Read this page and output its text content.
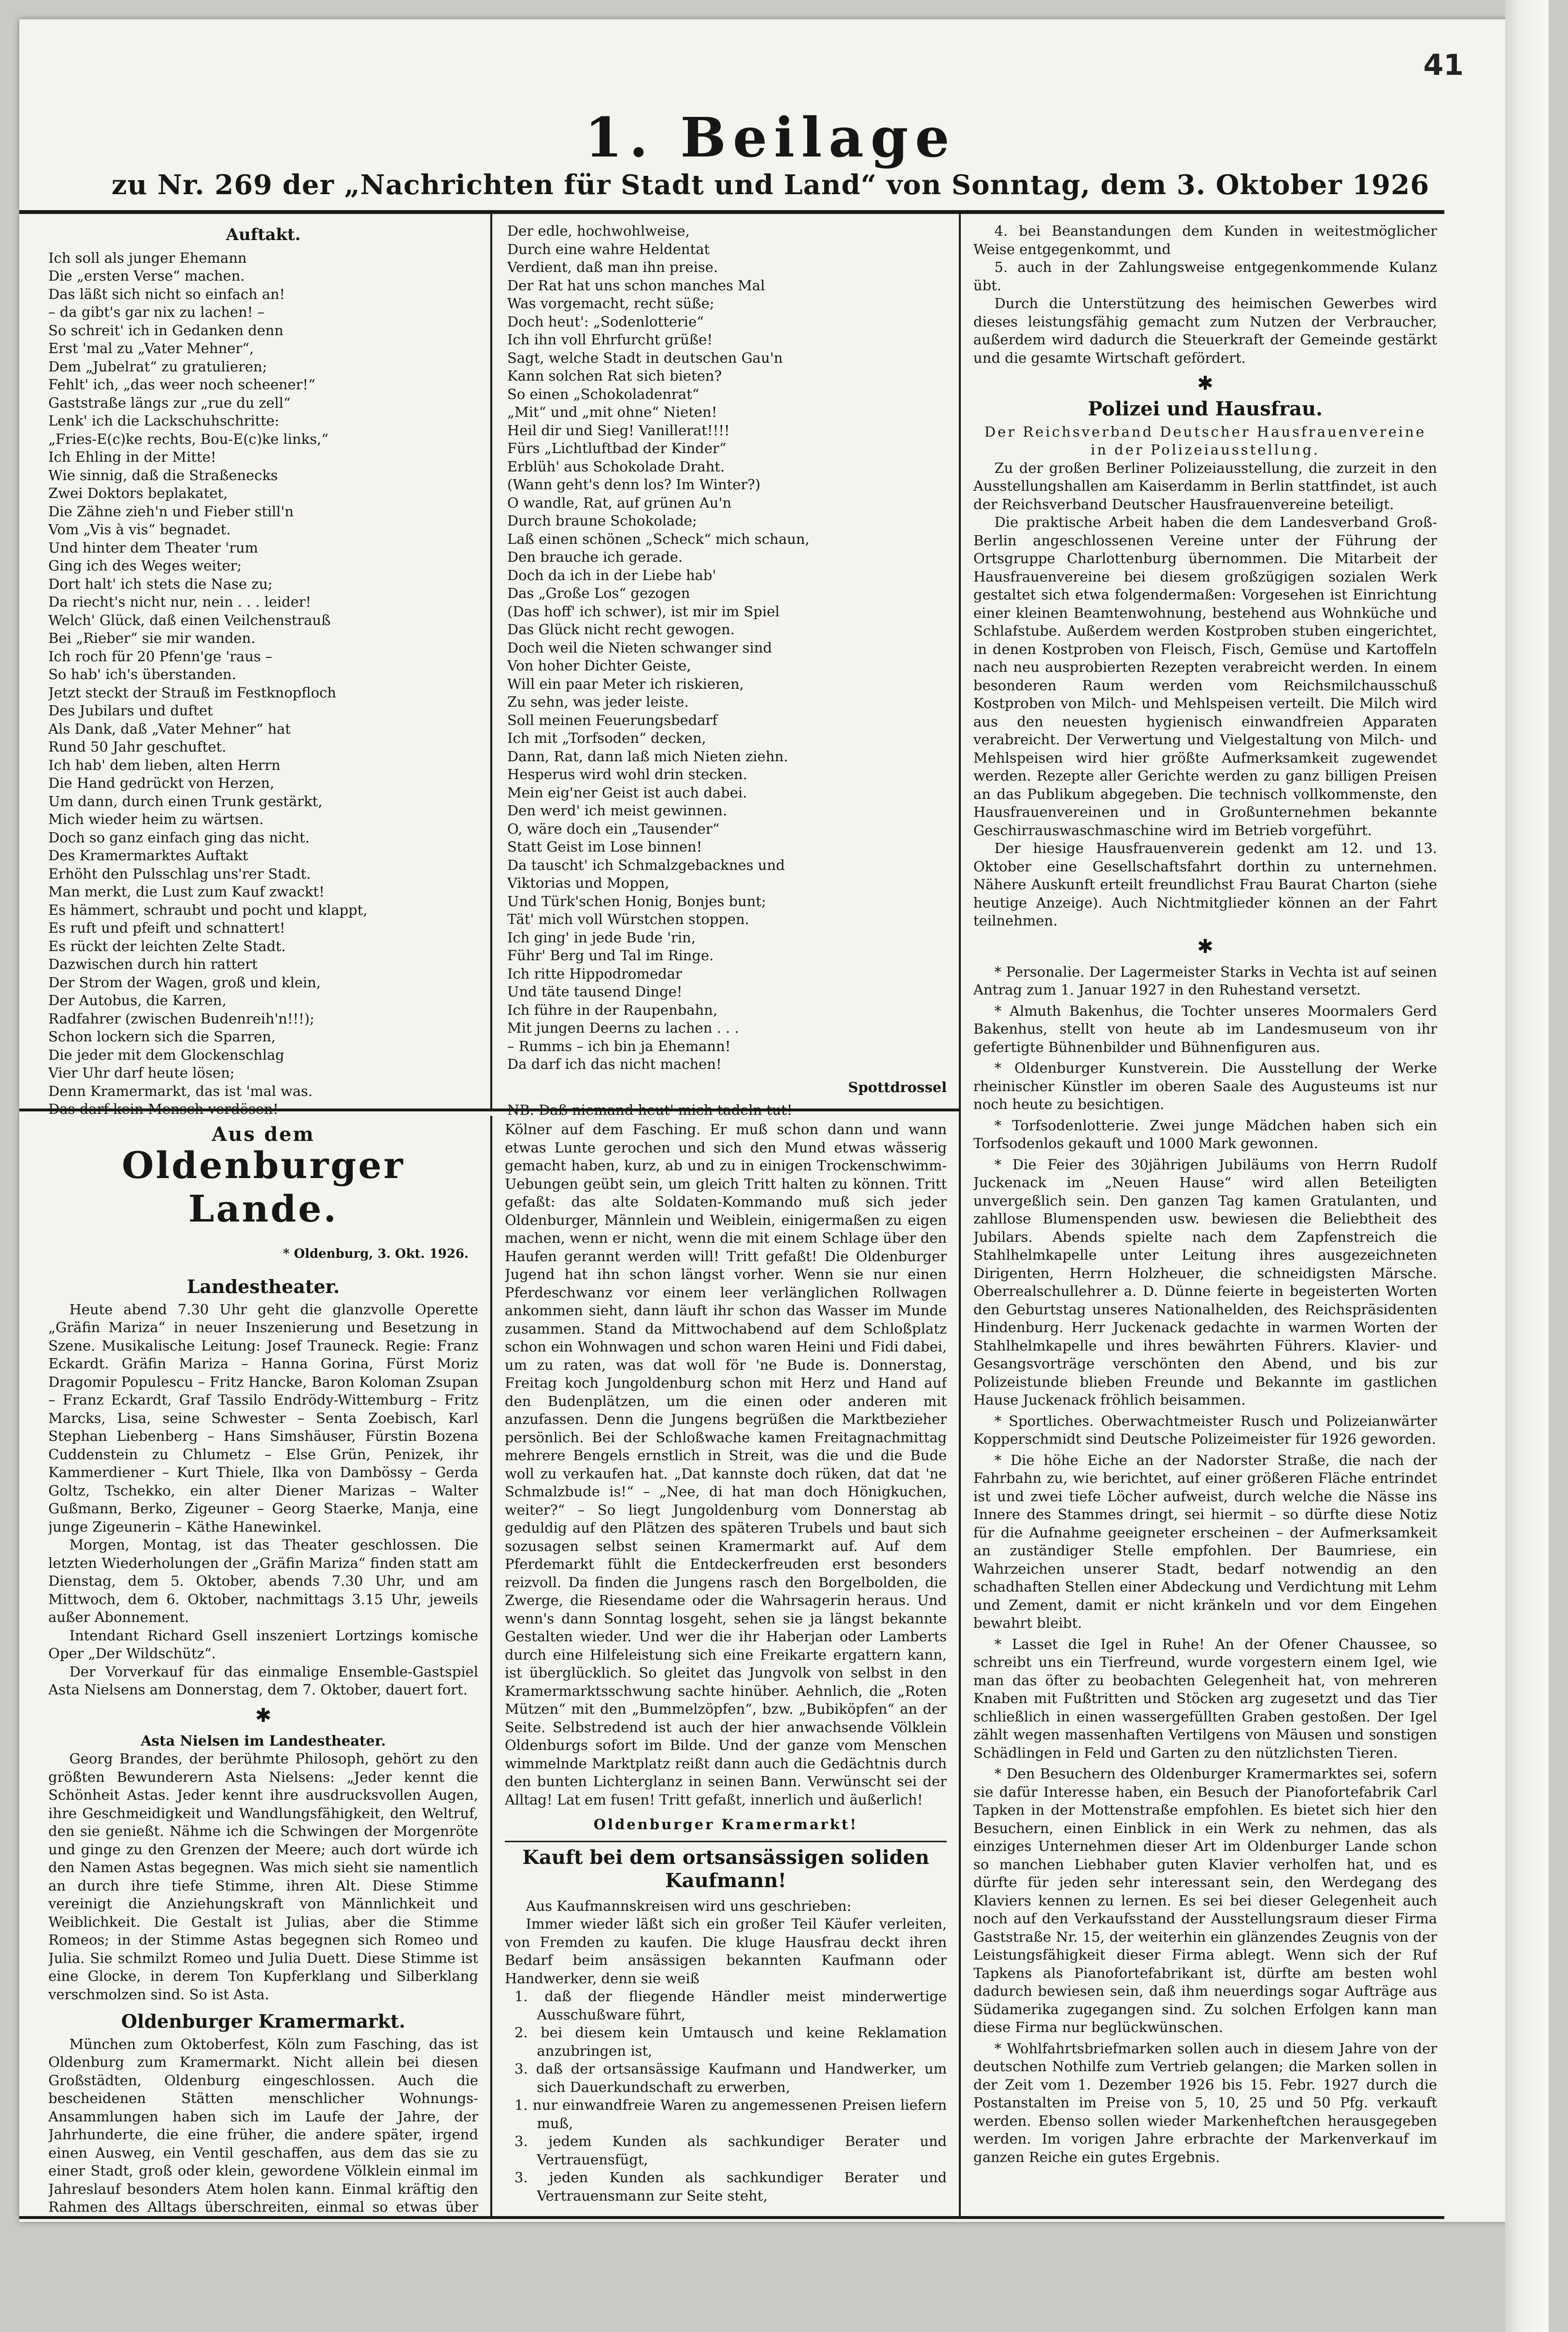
41
1. Beilage
zu Nr. 269 der „Nachrichten für Stadt und Land“ von Sonntag, dem 3. Oktober 1926
Auftakt.

Ich soll als junger Ehemann

Die „ersten Verse“ machen.

Das läßt sich nicht so einfach an!

– da gibt's gar nix zu lachen! –

So schreit' ich in Gedanken denn

Erst 'mal zu „Vater Mehner“,

Dem „Jubelrat“ zu gratulieren;

Fehlt' ich, „das weer noch scheener!“

Gaststraße längs zur „rue du zell“

Lenk' ich die Lackschuhschritte:

„Fries-E(c)ke rechts, Bou-E(c)ke links,“

Ich Ehling in der Mitte!

Wie sinnig, daß die Straßenecks

Zwei Doktors beplakatet,

Die Zähne zieh'n und Fieber still'n

Vom „Vis à vis“ begnadet.

Und hinter dem Theater 'rum

Ging ich des Weges weiter;

Dort halt' ich stets die Nase zu;

Da riecht's nicht nur, nein . . . leider!

Welch' Glück, daß einen Veilchenstrauß

Bei „Rieber“ sie mir wanden.

Ich roch für 20 Pfenn'ge 'raus –

So hab' ich's überstanden.

Jetzt steckt der Strauß im Festknopfloch

Des Jubilars und duftet

Als Dank, daß „Vater Mehner“ hat

Rund 50 Jahr geschuftet.

Ich hab' dem lieben, alten Herrn

Die Hand gedrückt von Herzen,

Um dann, durch einen Trunk gestärkt,

Mich wieder heim zu wärtsen.

Doch so ganz einfach ging das nicht.

Des Kramermarktes Auftakt

Erhöht den Pulsschlag uns'rer Stadt.

Man merkt, die Lust zum Kauf zwackt!

Es hämmert, schraubt und pocht und klappt,

Es ruft und pfeift und schnattert!

Es rückt der leichten Zelte Stadt.

Dazwischen durch hin rattert

Der Strom der Wagen, groß und klein,

Der Autobus, die Karren,

Radfahrer (zwischen Budenreih'n!!!);

Schon lockern sich die Sparren,

Die jeder mit dem Glockenschlag

Vier Uhr darf heute lösen;

Denn Kramermarkt, das ist 'mal was.

Der edle, hochwohlweise,

Durch eine wahre Heldentat

Verdient, daß man ihn preise.

Der Rat hat uns schon manches Mal

Was vorgemacht, recht süße;

Doch heut': „Sodenlotterie“

Ich ihn voll Ehrfurcht grüße!

Sagt, welche Stadt in deutschen Gau'n

Kann solchen Rat sich bieten?

So einen „Schokoladenrat“

„Mit“ und „mit ohne“ Nieten!

Heil dir und Sieg! Vanillerat!!!!

Fürs „Lichtluftbad der Kinder“

Erblüh' aus Schokolade Draht.

(Wann geht's denn los? Im Winter?)

O wandle, Rat, auf grünen Au'n

Durch braune Schokolade;

Laß einen schönen „Scheck“ mich schaun,

Den brauche ich gerade.

Doch da ich in der Liebe hab'

Das „Große Los“ gezogen

(Das hoff' ich schwer), ist mir im Spiel

Das Glück nicht recht gewogen.

Doch weil die Nieten schwanger sind

Von hoher Dichter Geiste,

Will ein paar Meter ich riskieren,

Zu sehn, was jeder leiste.

Soll meinen Feuerungsbedarf

Ich mit „Torfsoden“ decken,

Dann, Rat, dann laß mich Nieten ziehn.

Hesperus wird wohl drin stecken.

Mein eig'ner Geist ist auch dabei.

Den werd' ich meist gewinnen.

O, wäre doch ein „Tausender“

Statt Geist im Lose binnen!

Da tauscht' ich Schmalzgebacknes und

Viktorias und Moppen,

Und Türk'schen Honig, Bonjes bunt;

Tät' mich voll Würstchen stoppen.

Ich ging' in jede Bude 'rin,

Führ' Berg und Tal im Ringe.

Ich ritte Hippodromedar

Und täte tausend Dinge!

Ich führe in der Raupenbahn,

Mit jungen Deerns zu lachen . . .

– Rumms – ich bin ja Ehemann!

Da darf ich das nicht machen!

Spottdrossel

Aus dem
Oldenburger Lande.
* Oldenburg, 3. Okt. 1926.
Landestheater.

Heute abend 7.30 Uhr geht die glanzvolle Operette „Gräfin Mariza“ in neuer Inszenierung und Besetzung in Szene. Musikalische Leitung: Josef Trauneck. Regie: Franz Eckardt. Gräfin Mariza – Hanna Gorina, Fürst Moriz Dragomir Populescu – Fritz Hancke, Baron Koloman Zsupan – Franz Eckardt, Graf Tassilo Endrödy-Wittemburg – Fritz Marcks, Lisa, seine Schwester – Senta Zoebisch, Karl Stephan Liebenberg – Hans Simshäuser, Fürstin Bozena Cuddenstein zu Chlumetz – Else Grün, Penizek, ihr Kammerdiener – Kurt Thiele, Ilka von Dambössy – Gerda Goltz, Tschekko, ein alter Diener Marizas – Walter Gußmann, Berko, Zigeuner – Georg Staerke, Manja, eine junge Zigeunerin – Käthe Hanewinkel.

Morgen, Montag, ist das Theater geschlossen. Die letzten Wiederholungen der „Gräfin Mariza“ finden statt am Dienstag, dem 5. Oktober, abends 7.30 Uhr, und am Mittwoch, dem 6. Oktober, nachmittags 3.15 Uhr, jeweils außer Abonnement.

Intendant Richard Gsell inszeniert Lortzings komische Oper „Der Wildschütz“.

Der Vorverkauf für das einmalige Ensemble-Gastspiel Asta Nielsens am Donnerstag, dem 7. Oktober, dauert fort.

✱
Asta Nielsen im Landestheater.

Georg Brandes, der berühmte Philosoph, gehört zu den größten Bewunderern Asta Nielsens: „Jeder kennt die Schönheit Astas. Jeder kennt ihre ausdrucksvollen Augen, ihre Geschmeidigkeit und Wandlungsfähigkeit, den Weltruf, den sie genießt. Nähme ich die Schwingen der Morgenröte und ginge zu den Grenzen der Meere; auch dort würde ich den Namen Astas begegnen. Was mich sieht sie namentlich an durch ihre tiefe Stimme, ihren Alt. Diese Stimme vereinigt die Anziehungskraft von Männlichkeit und Weiblichkeit. Die Gestalt ist Julias, aber die Stimme Romeos; in der Stimme Astas begegnen sich Romeo und Julia. Sie schmilzt Romeo und Julia Duett. Diese Stimme ist eine Glocke, in derem Ton Kupferklang und Silberklang verschmolzen sind. So ist Asta.

Oldenburger Kramermarkt.

München zum Oktoberfest, Köln zum Fasching, das ist Oldenburg zum Kramermarkt. Nicht allein bei diesen Großstädten, Oldenburg eingeschlossen. Auch die bescheidenen Stätten menschlicher Wohnungs-Ansammlungen haben sich im Laufe der Jahre, der Jahrhunderte, die eine früher, die andere später, irgend einen Ausweg, ein Ventil geschaffen, aus dem das sie zu einer Stadt, groß oder klein, gewordene Völklein einmal im Jahreslauf besonders Atem holen kann. Einmal kräftig den Rahmen des Alltags überschreiten, einmal so etwas über

Kölner auf dem Fasching. Er muß schon dann und wann etwas Lunte gerochen und sich den Mund etwas wässerig gemacht haben, kurz, ab und zu in einigen Trockenschwimm-Uebungen geübt sein, um gleich Tritt halten zu können. Tritt gefaßt: das alte Soldaten-Kommando muß sich jeder Oldenburger, Männlein und Weiblein, einigermaßen zu eigen machen, wenn er nicht, wenn die mit einem Schlage über den Haufen gerannt werden will! Tritt gefaßt! Die Oldenburger Jugend hat ihn schon längst vorher. Wenn sie nur einen Pferdeschwanz vor einem leer verlänglichen Rollwagen ankommen sieht, dann läuft ihr schon das Wasser im Munde zusammen. Stand da Mittwochabend auf dem Schloßplatz schon ein Wohnwagen und schon waren Heini und Fidi dabei, um zu raten, was dat woll för 'ne Bude is. Donnerstag, Freitag koch Jungoldenburg schon mit Herz und Hand auf den Budenplätzen, um die einen oder anderen mit anzufassen. Denn die Jungens begrüßen die Marktbezieher persönlich. Bei der Schloßwache kamen Freitagnachmittag mehrere Bengels ernstlich in Streit, was die und die Bude woll zu verkaufen hat. „Dat kannste doch rüken, dat dat 'ne Schmalzbude is!“ – „Nee, di hat man doch Hönigkuchen, weiter?“ – So liegt Jungoldenburg vom Donnerstag ab geduldig auf den Plätzen des späteren Trubels und baut sich sozusagen selbst seinen Kramermarkt auf. Auf dem Pferdemarkt fühlt die Entdeckerfreuden erst besonders reizvoll. Da finden die Jungens rasch den Borgelbolden, die Zwerge, die Riesendame oder die Wahrsagerin heraus. Und wenn's dann Sonntag losgeht, sehen sie ja längst bekannte Gestalten wieder. Und wer die ihr Haberjan oder Lamberts durch eine Hilfeleistung sich eine Freikarte ergattern kann, ist überglücklich. So gleitet das Jungvolk von selbst in den Kramermarktsschwung sachte hinüber. Aehnlich, die „Roten Mützen“ mit den „Bummelzöpfen“, bzw. „Bubiköpfen“ an der Seite. Selbstredend ist auch der hier anwachsende Völklein Oldenburgs sofort im Bilde. Und der ganze vom Menschen wimmelnde Marktplatz reißt dann auch die Gedächtnis durch den bunten Lichterglanz in seinen Bann. Verwünscht sei der Alltag! Lat em fusen! Tritt gefaßt, innerlich und äußerlich!

Oldenburger Kramermarkt!
Kauft bei dem ortsansässigen soliden Kaufmann!

Aus Kaufmannskreisen wird uns geschrieben:

Immer wieder läßt sich ein großer Teil Käufer verleiten, von Fremden zu kaufen. Die kluge Hausfrau deckt ihren Bedarf beim ansässigen bekannten Kaufmann oder Handwerker, denn sie weiß

1. daß der fliegende Händler meist minderwertige Ausschußware führt,

2. bei diesem kein Umtausch und keine Reklamation anzubringen ist,

3. daß der ortsansässige Kaufmann und Handwerker, um sich Dauerkundschaft zu erwerben,

1. nur einwandfreie Waren zu angemessenen Preisen liefern muß,

3. jedem Kunden als sachkundiger Berater und Vertrauensfügt,

3. jeden Kunden als sachkundiger Berater und Vertrauensmann zur Seite steht,

4. bei Beanstandungen dem Kunden in weitestmöglicher Weise entgegenkommt, und

5. auch in der Zahlungsweise entgegenkommende Kulanz übt.

Durch die Unterstützung des heimischen Gewerbes wird dieses leistungsfähig gemacht zum Nutzen der Verbraucher, außerdem wird dadurch die Steuerkraft der Gemeinde gestärkt und die gesamte Wirtschaft gefördert.

✱
Polizei und Hausfrau.

Der Reichsverband Deutscher Hausfrauenvereine in der Polizeiausstellung.

Zu der großen Berliner Polizeiausstellung, die zurzeit in den Ausstellungshallen am Kaiserdamm in Berlin stattfindet, ist auch der Reichsverband Deutscher Hausfrauenvereine beteiligt.

Die praktische Arbeit haben die dem Landesverband Groß-Berlin angeschlossenen Vereine unter der Führung der Ortsgruppe Charlottenburg übernommen. Die Mitarbeit der Hausfrauenvereine bei diesem großzügigen sozialen Werk gestaltet sich etwa folgendermaßen: Vorgesehen ist Einrichtung einer kleinen Beamtenwohnung, bestehend aus Wohnküche und Schlafstube. Außerdem werden Kostproben stuben eingerichtet, in denen Kostproben von Fleisch, Fisch, Gemüse und Kartoffeln nach neu ausprobierten Rezepten verabreicht werden. In einem besonderen Raum werden vom Reichsmilchausschuß Kostproben von Milch- und Mehlspeisen verteilt. Die Milch wird aus den neuesten hygienisch einwandfreien Apparaten verabreicht. Der Verwertung und Vielgestaltung von Milch- und Mehlspeisen wird hier größte Aufmerksamkeit zugewendet werden. Rezepte aller Gerichte werden zu ganz billigen Preisen an das Publikum abgegeben. Die technisch vollkommenste, den Hausfrauenvereinen und in Großunternehmen bekannte Geschirrauswaschmaschine wird im Betrieb vorgeführt.

Der hiesige Hausfrauenverein gedenkt am 12. und 13. Oktober eine Gesellschaftsfahrt dorthin zu unternehmen. Nähere Auskunft erteilt freundlichst Frau Baurat Charton (siehe heutige Anzeige). Auch Nichtmitglieder können an der Fahrt teilnehmen.

✱

* Personalie. Der Lagermeister Starks in Vechta ist auf seinen Antrag zum 1. Januar 1927 in den Ruhestand versetzt.

* Almuth Bakenhus, die Tochter unseres Moormalers Gerd Bakenhus, stellt von heute ab im Landesmuseum von ihr gefertigte Bühnenbilder und Bühnenfiguren aus.

* Oldenburger Kunstverein. Die Ausstellung der Werke rheinischer Künstler im oberen Saale des Augusteums ist nur noch heute zu besichtigen.

* Torfsodenlotterie. Zwei junge Mädchen haben sich ein Torfsodenlos gekauft und 1000 Mark gewonnen.

* Die Feier des 30jährigen Jubiläums von Herrn Rudolf Juckenack im „Neuen Hause“ wird allen Beteiligten unvergeßlich sein. Den ganzen Tag kamen Gratulanten, und zahllose Blumenspenden usw. bewiesen die Beliebtheit des Jubilars. Abends spielte nach dem Zapfenstreich die Stahlhelmkapelle unter Leitung ihres ausgezeichneten Dirigenten, Herrn Holzheuer, die schneidigsten Märsche. Oberrealschullehrer a. D. Dünne feierte in begeisterten Worten den Geburtstag unseres Nationalhelden, des Reichspräsidenten Hindenburg. Herr Juckenack gedachte in warmen Worten der Stahlhelmkapelle und ihres bewährten Führers. Klavier- und Gesangsvorträge verschönten den Abend, und bis zur Polizeistunde blieben Freunde und Bekannte im gastlichen Hause Juckenack fröhlich beisammen.

* Sportliches. Oberwachtmeister Rusch und Polizeianwärter Kopperschmidt sind Deutsche Polizeimeister für 1926 geworden.

* Die höhe Eiche an der Nadorster Straße, die nach der Fahrbahn zu, wie berichtet, auf einer größeren Fläche entrindet ist und zwei tiefe Löcher aufweist, durch welche die Nässe ins Innere des Stammes dringt, sei hiermit – so dürfte diese Notiz für die Aufnahme geeigneter erscheinen – der Aufmerksamkeit an zuständiger Stelle empfohlen. Der Baumriese, ein Wahrzeichen unserer Stadt, bedarf notwendig an den schadhaften Stellen einer Abdeckung und Verdichtung mit Lehm und Zement, damit er nicht kränkeln und vor dem Eingehen bewahrt bleibt.

* Lasset die Igel in Ruhe! An der Ofener Chaussee, so schreibt uns ein Tierfreund, wurde vorgestern einem Igel, wie man das öfter zu beobachten Gelegenheit hat, von mehreren Knaben mit Fußtritten und Stöcken arg zugesetzt und das Tier schließlich in einen wassergefüllten Graben gestoßen. Der Igel zählt wegen massenhaften Vertilgens von Mäusen und sonstigen Schädlingen in Feld und Garten zu den nützlichsten Tieren.

* Den Besuchern des Oldenburger Kramermarktes sei, sofern sie dafür Interesse haben, ein Besuch der Pianofortefabrik Carl Tapken in der Mottenstraße empfohlen. Es bietet sich hier den Besuchern, einen Einblick in ein Werk zu nehmen, das als einziges Unternehmen dieser Art im Oldenburger Lande schon so manchen Liebhaber guten Klavier verholfen hat, und es dürfte für jeden sehr interessant sein, den Werdegang des Klaviers kennen zu lernen. Es sei bei dieser Gelegenheit auch noch auf den Verkaufsstand der Ausstellungsraum dieser Firma Gaststraße Nr. 15, der weiterhin ein glänzendes Zeugnis von der Leistungsfähigkeit dieser Firma ablegt. Wenn sich der Ruf Tapkens als Pianofortefabrikant ist, dürfte am besten wohl dadurch bewiesen sein, daß ihm neuerdings sogar Aufträge aus Südamerika zugegangen sind. Zu solchen Erfolgen kann man diese Firma nur beglückwünschen.

* Wohlfahrtsbriefmarken sollen auch in diesem Jahre von der deutschen Nothilfe zum Vertrieb gelangen; die Marken sollen in der Zeit vom 1. Dezember 1926 bis 15. Febr. 1927 durch die Postanstalten im Preise von 5, 10, 25 und 50 Pfg. verkauft werden. Ebenso sollen wieder Markenheftchen herausgegeben werden. Im vorigen Jahre erbrachte der Markenverkauf im ganzen Reiche ein gutes Ergebnis.
